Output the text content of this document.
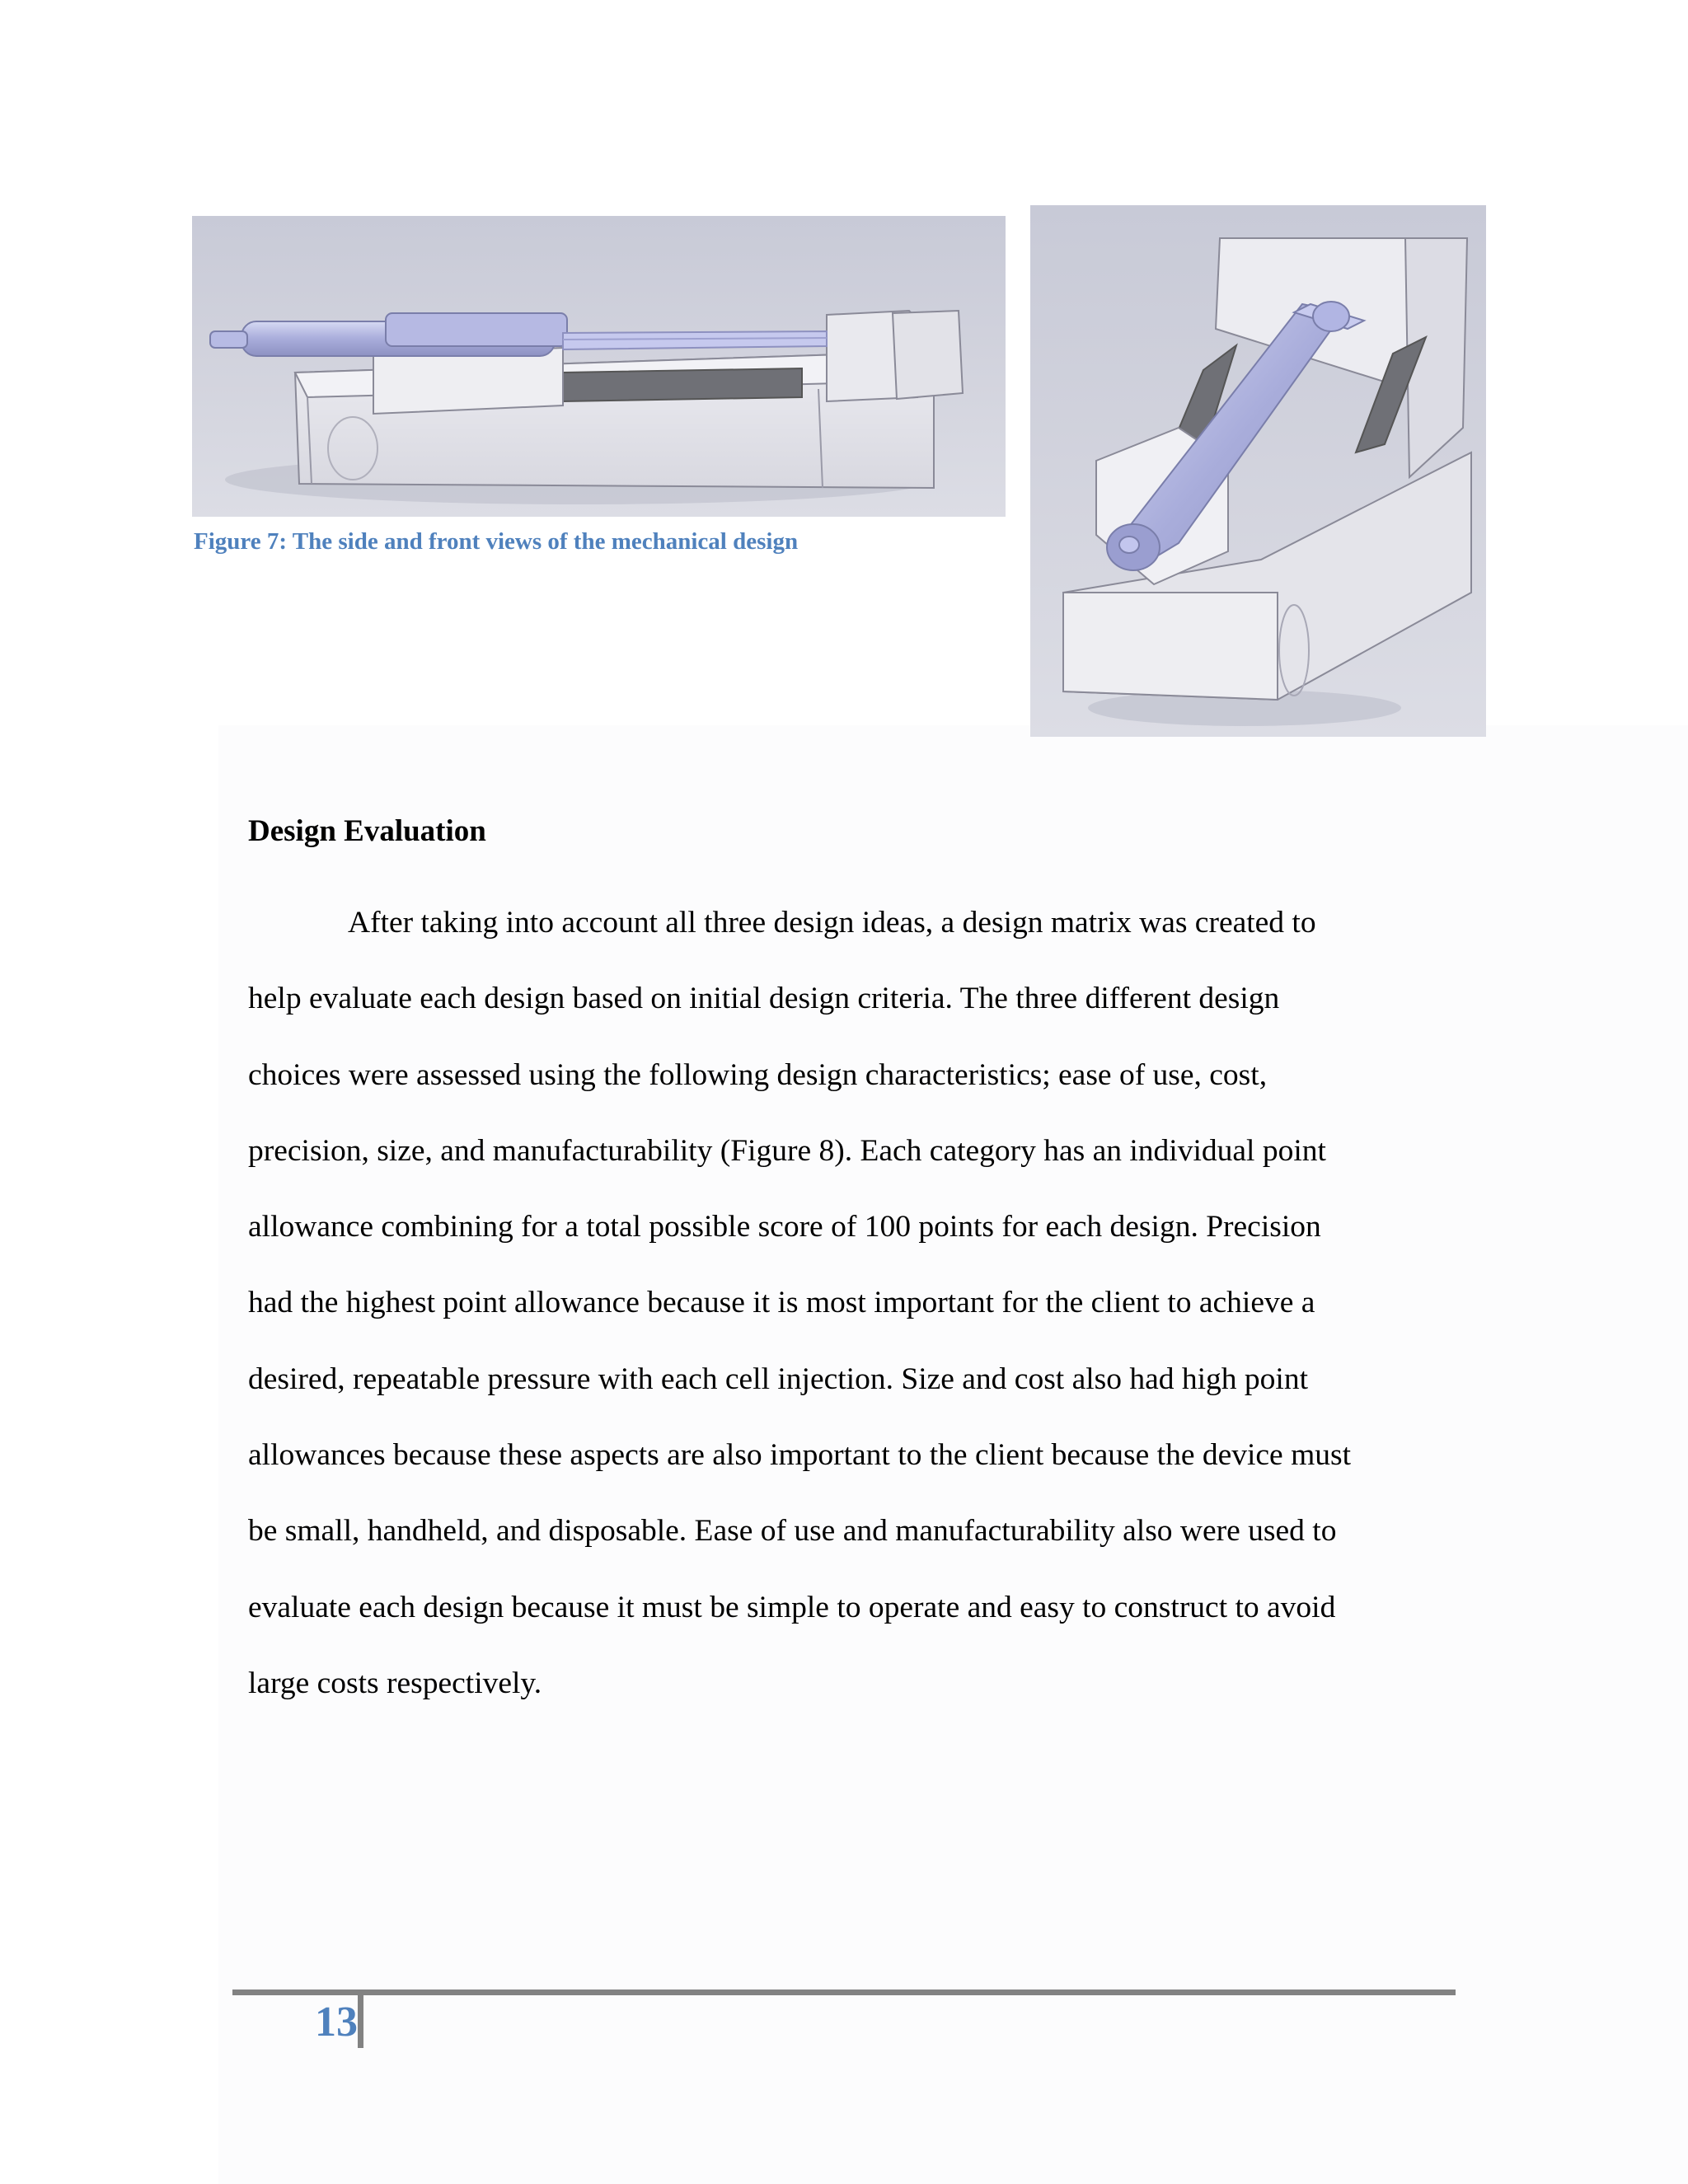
Figure 7: The side and front views of the mechanical design
Design Evaluation
After taking into account all three design ideas, a design matrix was created to
help evaluate each design based on initial design criteria. The three different design
choices were assessed using the following design characteristics; ease of use, cost,
precision, size, and manufacturability (Figure 8). Each category has an individual point
allowance combining for a total possible score of 100 points for each design. Precision
had the highest point allowance because it is most important for the client to achieve a
desired, repeatable pressure with each cell injection. Size and cost also had high point
allowances because these aspects are also important to the client because the device must
be small, handheld, and disposable. Ease of use and manufacturability also were used to
evaluate each design because it must be simple to operate and easy to construct to avoid
large costs respectively.
13
